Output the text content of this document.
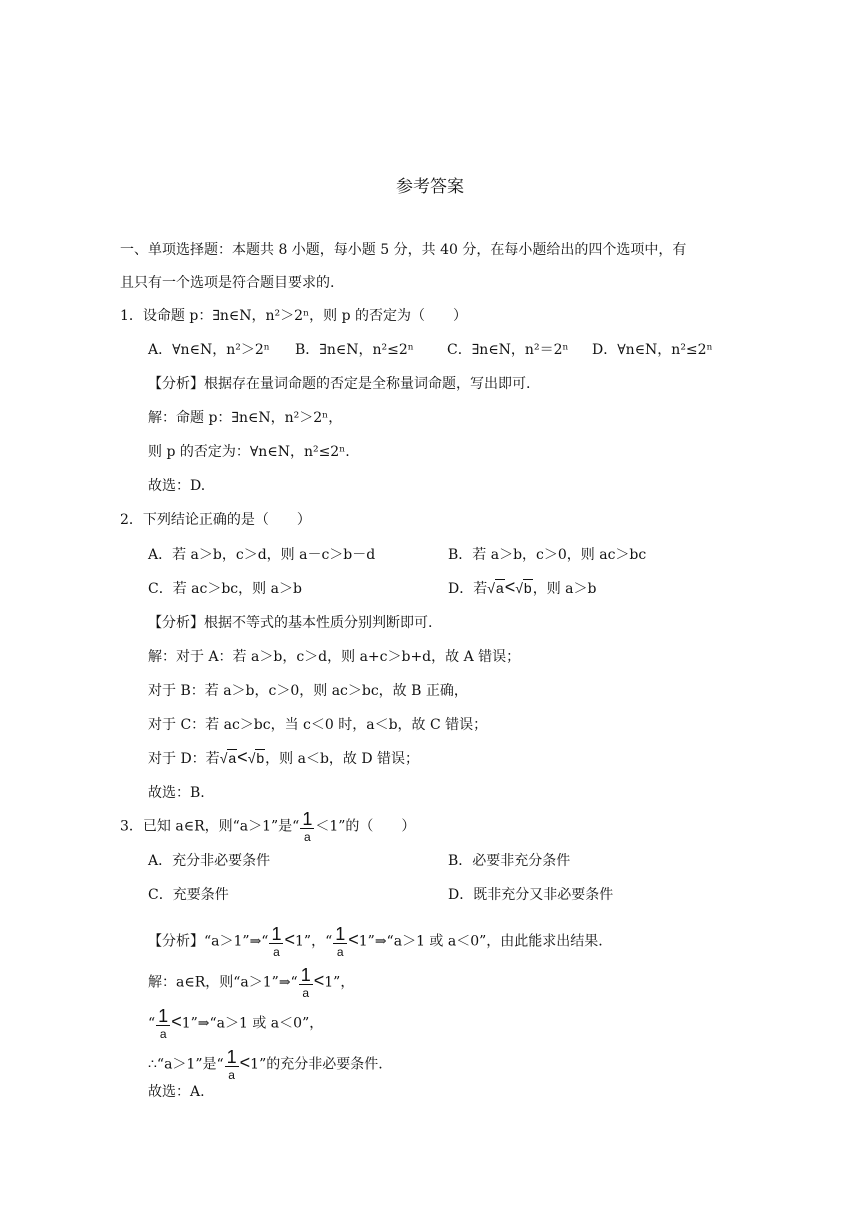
参考答案
一、单项选择题：本题共 8 小题，每小题 5 分，共 40 分，在每小题给出的四个选项中，有
且只有一个选项是符合题目要求的.
1．设命题 p：∃n∈N，n²＞2ⁿ，则 p 的否定为（　　）
A．∀n∈N，n²＞2ⁿ B．∃n∈N，n²≤2ⁿ C．∃n∈N，n²＝2ⁿ D．∀n∈N，n²≤2ⁿ
【分析】根据存在量词命题的否定是全称量词命题，写出即可.
解：命题 p：∃n∈N，n²＞2ⁿ，
则 p 的否定为：∀n∈N，n²≤2ⁿ.
故选：D.
2．下列结论正确的是（　　）
A．若 a＞b，c＞d，则 a－c＞b－d	B．若 a＞b，c＞0，则 ac＞bc
C．若 ac＞bc，则 a＞b	D．若√a<√b，则 a＞b
【分析】根据不等式的基本性质分别判断即可.
解：对于 A：若 a＞b，c＞d，则 a+c＞b+d，故 A 错误；
对于 B：若 a＞b，c＞0，则 ac＞bc，故 B 正确，
对于 C：若 ac＞bc，当 c＜0 时，a＜b，故 C 错误；
对于 D：若√a<√b，则 a＜b，故 D 错误；
故选：B.
3．已知 a∈R，则“a＞1”是“ $\frac{1}{a} <1$”的（　　）
A．充分非必要条件	B．必要非充分条件
C．充要条件	D．既非充分又非必要条件
【分析】“a＞1”⇒“ $\frac{1}{a} <1$”，“ $\frac{1}{a}$ <1”⇒“a＞1 或 a＜0”，由此能求出结果.
解：a∈R，则“a＞1”⇒“ $\frac{1}{a} <1$”，
“ $\frac{1}{a}$ <1”⇒“a＞1 或 a＜0”，
∴“a＞1”是“ $\frac{1}{a} <1$”的充分非必要条件.
故选：A.
